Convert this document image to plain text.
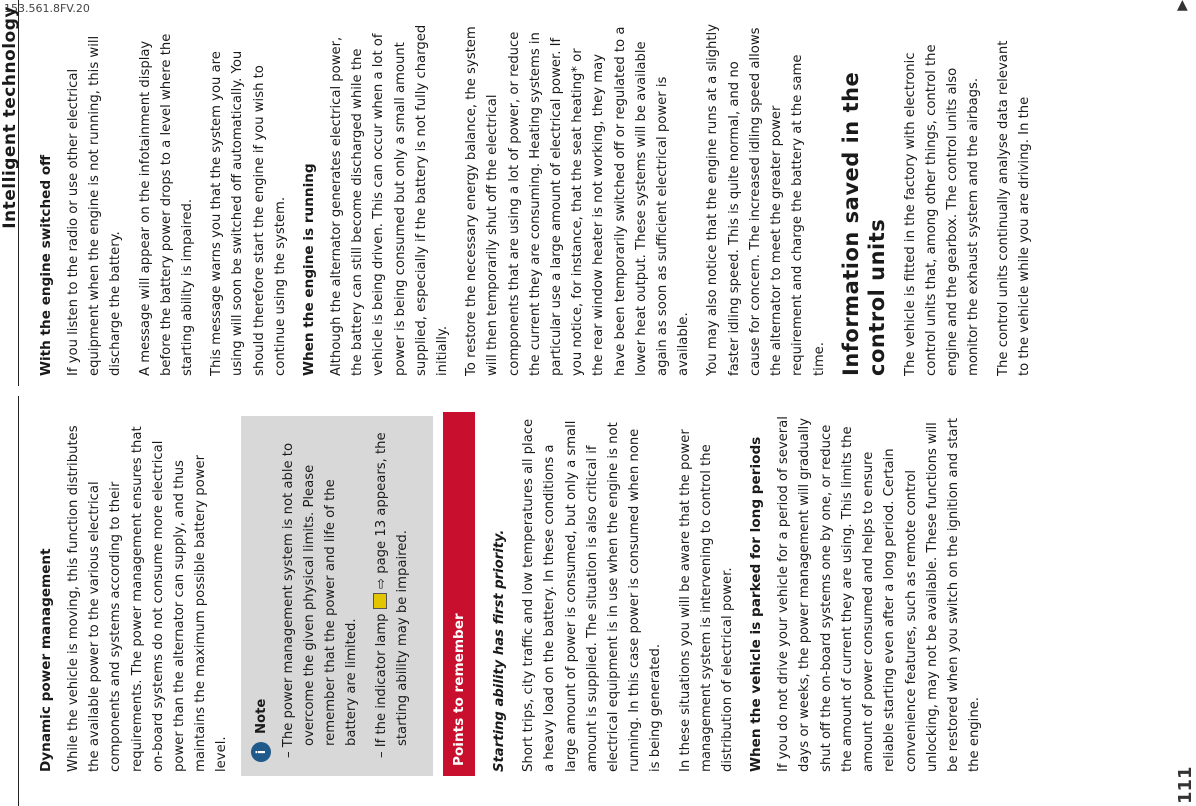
153.561.8FV.20
Intelligent technology
Dynamic power management While the vehicle is moving, this function distributes the available power to the various electrical components and systems according to their requirements. The power management ensures that on-board systems do not consume more electrical power than the alternator can supply, and thus maintains the maximum possible battery power level. i
Note – The power management system is not able to overcome the given physical limits. Please remember that the power and life of the battery are limited. – If the indicator lamp  ⇨ page 13 appears, the starting ability may be impaired.	Points to remember	Starting ability has first priority. Short trips, city traffic and low temperatures all place a heavy load on the battery. In these conditions a large amount of power is consumed, but only a small amount is supplied. The situation is also critical if electrical equipment is in use when the engine is not running. In this case power is consumed when none is being generated. In these situations you will be aware that the power management system is intervening to control the distribution of electrical power. When the vehicle is parked for long periods If you do not drive your vehicle for a period of several days or weeks, the power management will gradually shut off the on-board systems one by one, or reduce the amount of current they are using. This limits the amount of power consumed and helps to ensure reliable starting even after a long period. Certain convenience features, such as remote control unlocking, may not be available. These functions will be restored when you switch on the ignition and start the engine.

With the engine switched off If you listen to the radio or use other electrical equipment when the engine is not running, this will discharge the battery. A message will appear on the infotainment display before the battery power drops to a level where the starting ability is impaired. This message warns you that the system you are using will soon be switched off automatically. You should therefore start the engine if you wish to continue using the system. When the engine is running Although the alternator generates electrical power, the battery can still become discharged while the vehicle is being driven. This can occur when a lot of power is being consumed but only a small amount supplied, especially if the battery is not fully charged initially. To restore the necessary energy balance, the system will then temporarily shut off the electrical components that are using a lot of power, or reduce the current they are consuming. Heating systems in particular use a large amount of electrical power. If you notice, for instance, that the seat heating* or the rear window heater is not working, they may have been temporarily switched off or regulated to a lower heat output. These systems will be available again as soon as sufficient electrical power is available. You may also notice that the engine runs at a slightly faster idling speed. This is quite normal, and no cause for concern. The increased idling speed allows the alternator to meet the greater power requirement and charge the battery at the same time. Information saved in the control units The vehicle is fitted in the factory with electronic control units that, among other things, control the engine and the gearbox. The control units also monitor the exhaust system and the airbags. The control units continually analyse data relevant to the vehicle while you are driving. In the

111
▶
